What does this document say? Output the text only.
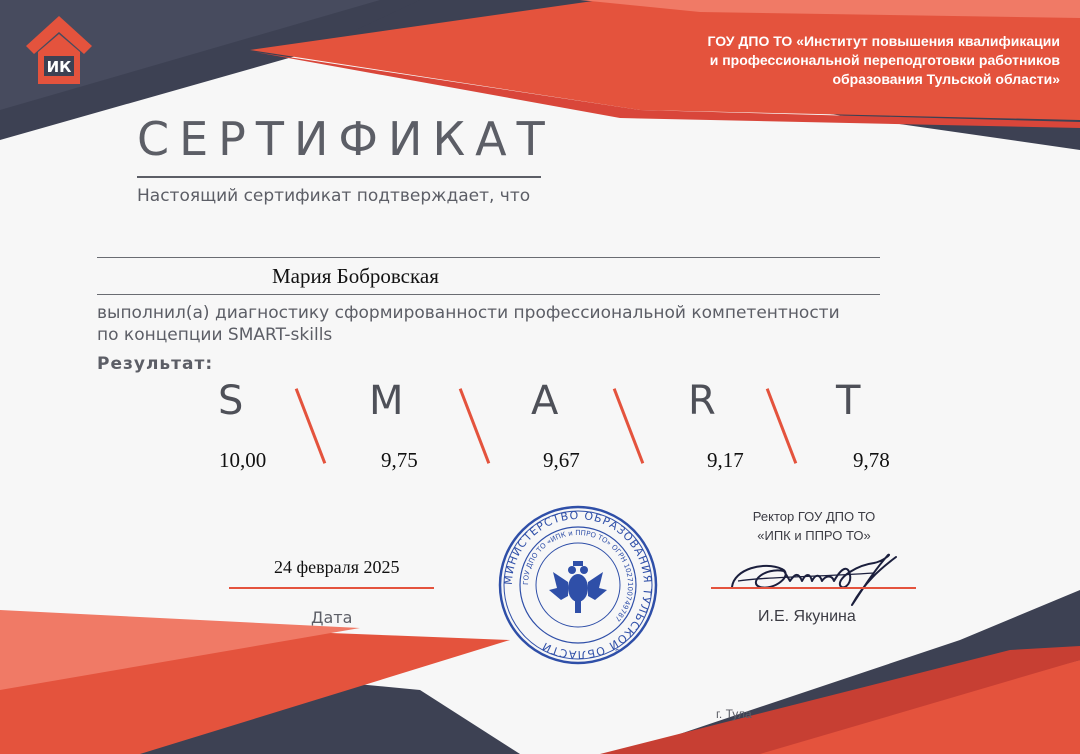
ИК
ГОУ ДПО ТО «Институт повышения квалификации
и профессиональной переподготовки работников
образования Тульской области»
СЕРТИФИКАТ
Настоящий сертификат подтверждает, что
Мария Бобровская
выполнил(а) диагностику сформированности профессиональной компетентности
по концепции SMART-skills
Результат:
S	M	A	R	T
10,00	9,75	9,67	9,17	9,78
24 февраля 2025
Дата
МИНИСТЕРСТВО ОБРАЗОВАНИЯ ТУЛЬСКОЙ ОБЛАСТИ
ГОУ ДПО ТО «ИПК и ППРО ТО» ОГРН 1027100749787
Ректор ГОУ ДПО ТО
«ИПК и ППРО ТО»
И.Е. Якунина
г. Тула
